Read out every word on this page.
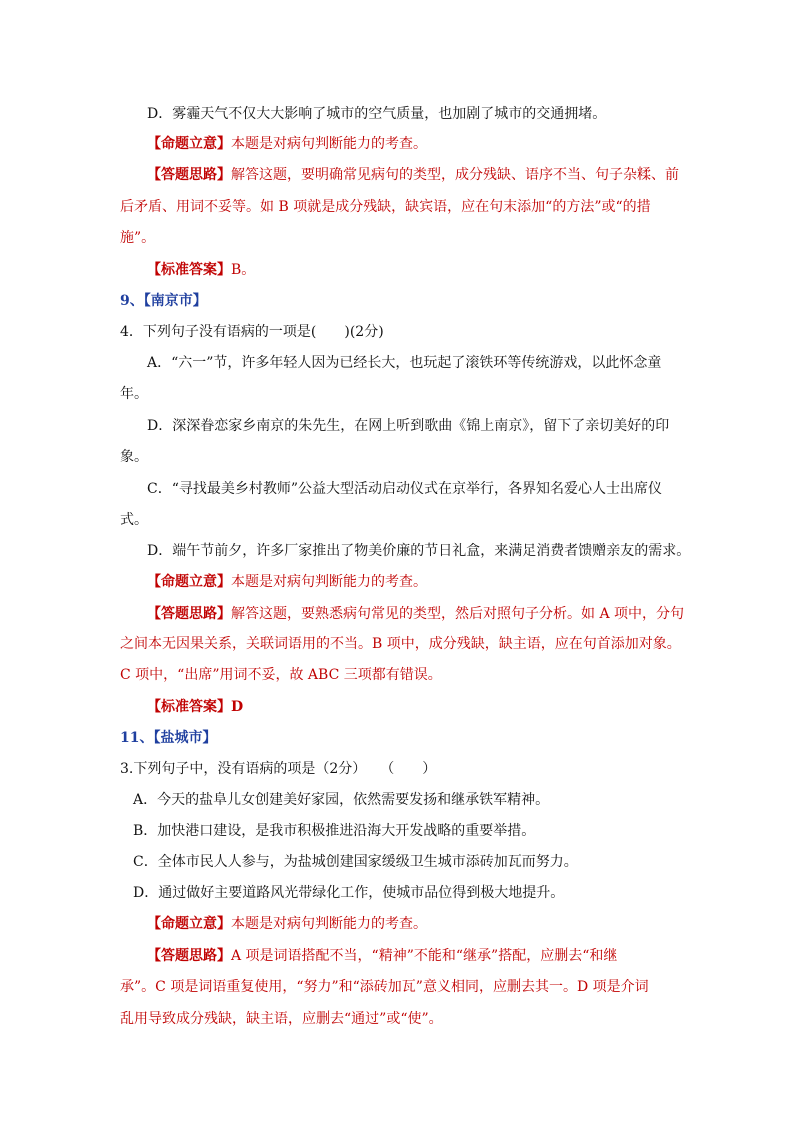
D．雾霾天气不仅大大影响了城市的空气质量，也加剧了城市的交通拥堵。
【命题立意】本题是对病句判断能力的考查。
【答题思路】解答这题，要明确常见病句的类型，成分残缺、语序不当、句子杂糅、前
后矛盾、用词不妥等。如 B 项就是成分残缺，缺宾语，应在句末添加“的方法”或“的措
施”。
【标准答案】B。
9、【南京市】
4．下列句子没有语病的一项是(　　)(2分)
A．“六一”节，许多年轻人因为已经长大，也玩起了滚铁环等传统游戏，以此怀念童
年。
D．深深眷恋家乡南京的朱先生，在网上听到歌曲《锦上南京》，留下了亲切美好的印
象。
C．“寻找最美乡村教师”公益大型活动启动仪式在京举行，各界知名爱心人士出席仪
式。
D．端午节前夕，许多厂家推出了物美价廉的节日礼盒，来满足消费者馈赠亲友的需求。
【命题立意】本题是对病句判断能力的考查。
【答题思路】解答这题，要熟悉病句常见的类型，然后对照句子分析。如 A 项中，分句
之间本无因果关系，关联词语用的不当。B 项中，成分残缺，缺主语，应在句首添加对象。
C 项中，“出席”用词不妥，故 ABC 三项都有错误。
【标准答案】D
11、【盐城市】
3.下列句子中，没有语病的项是（2分）　　（　　）
A．今天的盐阜儿女创建美好家园，依然需要发扬和继承铁军精神。
B．加快港口建设，是我市积极推进沿海大开发战略的重要举措。
C．全体市民人人参与，为盐城创建国家缓级卫生城市添砖加瓦而努力。
D．通过做好主要道路风光带绿化工作，使城市品位得到极大地提升。
【命题立意】本题是对病句判断能力的考查。
【答题思路】A 项是词语搭配不当，“精神”不能和“继承”搭配，应删去“和继
承”。C 项是词语重复使用，“努力”和“添砖加瓦”意义相同，应删去其一。D 项是介词
乱用导致成分残缺，缺主语，应删去“通过”或“使”。
